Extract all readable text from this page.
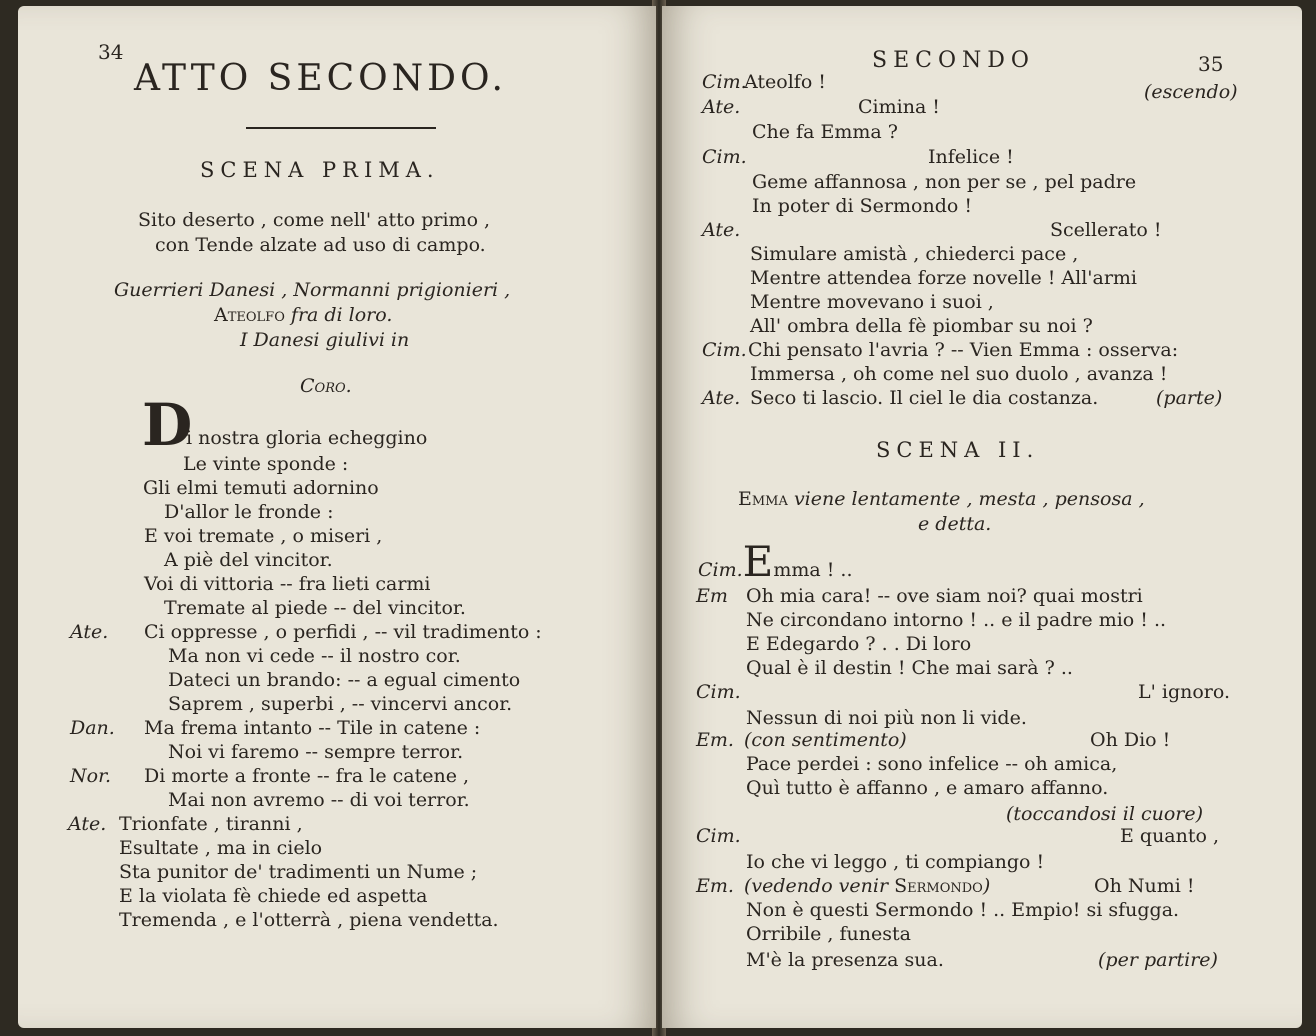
34
ATTO SECONDO.
SCENA PRIMA.
Sito deserto , come nell' atto primo ,
con Tende alzate ad uso di campo.
Guerrieri Danesi , Normanni prigionieri ,
Ateolfo fra di loro.
I Danesi giulivi in
Coro.
D
i nostra gloria echeggino
Le vinte sponde :
Gli elmi temuti adornino
D'allor le fronde :
E voi tremate , o miseri ,
A piè del vincitor.
Voi di vittoria -- fra lieti carmi
Tremate al piede -- del vincitor.
Ate. Ci oppresse , o perfidi , -- vil tradimento :
Ma non vi cede -- il nostro cor.
Dateci un brando: -- a egual cimento
Saprem , superbi , -- vincervi ancor.
Dan. Ma frema intanto -- Tile in catene :
Noi vi faremo -- sempre terror.
Nor. Di morte a fronte -- fra le catene ,
Mai non avremo -- di voi terror.
Ate. Trionfate , tiranni ,
Esultate , ma in cielo
Sta punitor de' tradimenti un Nume ;
E la violata fè chiede ed aspetta
Tremenda , e l'otterrà , piena vendetta.
SECONDO	35
Cim.
Ateolfo !	(escendo)
Ate.	Cimina !
Che fa Emma ?
Cim.	Infelice !
Geme affannosa , non per se , pel padre
In poter di Sermondo !
Ate.	Scellerato !
Simulare amistà , chiederci pace ,
Mentre attendea forze novelle ! All'armi
Mentre movevano i suoi ,
All' ombra della fè piombar su noi ?
Cim. Chi pensato l'avria ? -- Vien Emma : osserva:
Immersa , oh come nel suo duolo , avanza !
Ate. Seco ti lascio. Il ciel le dia costanza.	(parte)
SCENA II.
Emma viene lentamente , mesta , pensosa ,
e detta.
Cim.Emma ! ..
Em Oh mia cara! -- ove siam noi? quai mostri
Ne circondano intorno ! .. e il padre mio ! ..
E Edegardo ? . . Di loro
Qual è il destin ! Che mai sarà ? ..
Cim.	L' ignoro.
Nessun di noi più non li vide.
Em. (con sentimento)	Oh Dio !
Pace perdei : sono infelice -- oh amica,
Quì tutto è affanno , e amaro affanno.
(toccandosi il cuore)
Cim.	E quanto ,
Io che vi leggo , ti compiango !
Em. (vedendo venir Sermondo)	Oh Numi !
Non è questi Sermondo ! .. Empio! si sfugga.
Orribile , funesta
M'è la presenza sua.	(per partire)
